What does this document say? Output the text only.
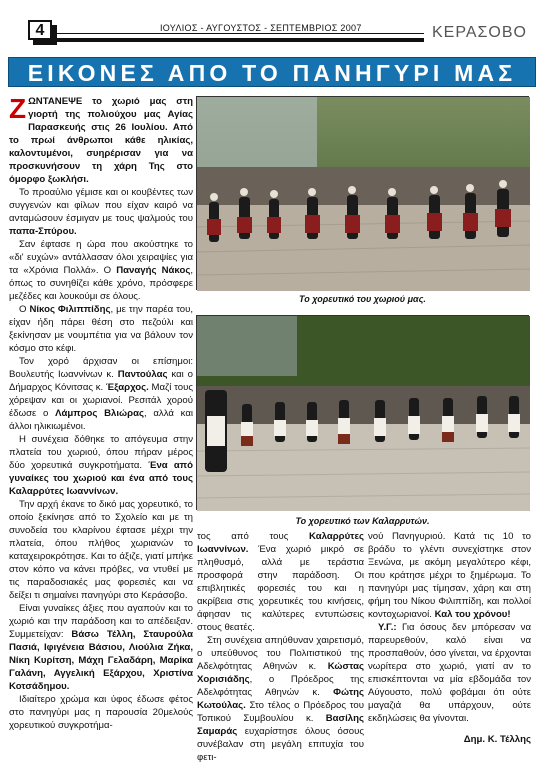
4	ΙΟΥΛΙΟΣ - ΑΥΓΟΥΣΤΟΣ - ΣΕΠΤΕΜΒΡΙΟΣ 2007	ΚΕΡΑΣΟΒΟ
ΕΙΚΟΝΕΣ ΑΠΟ ΤΟ ΠΑΝΗΓΥΡΙ ΜΑΣ

ΖΩΝΤΑΝΕΨΕ το χωριό μας στη γιορτή της πολιούχου μας Αγίας Παρασκευής στις 26 Ιουλίου. Από το πρωί άνθρωποι κάθε ηλικίας, καλοντυμένοι, συηρέρισαν για να προσκυνήσουν τη χάρη Της στο όμορφο ξωκλήσι.

Το προαύλιο γέμισε και οι κουβέντες των συγγενών και φίλων που είχαν καιρό να ανταμώσουν έσμιγαν με τους ψαλμούς του παπα-Σπύρου.

Σαν έφτασε η ώρα που ακούστηκε το «δι' ευχών» αντάλλασαν όλοι χειραψίες για τα «Χρόνια Πολλά». Ο Παναγής Νάκος, όπως το συνηθίζει κάθε χρόνο, πρόσφερε μεζέδες και λουκούμι σε όλους.

Ο Νίκος Φιλιππίδης, με την παρέα του, είχαν ήδη πάρει θέση στο πεζούλι και ξεκίνησαν με νουμπέτια για να βάλουν τον κόσμο στο κέφι.

Τον χορό άρχισαν οι επίσημοι: Βουλευτής Ιωαννίνων κ. Παντούλας και ο Δήμαρχος Κόνιτσας κ. Έξαρχος. Μαζί τους χόρεψαν και οι χωριανοί. Ρεσιτάλ χορού έδωσε ο Λάμπρος Βλιώρας, αλλά και άλλοι ηλικιωμένοι.

Η συνέχεια δόθηκε το απόγευμα στην πλατεία του χωριού, όπου πήραν μέρος δύο χορευτικά συγκροτήματα. Ένα από γυναίκες του χωριού και ένα από τους Καλαρρύτες Ιωαννίνων.

Την αρχή έκανε το δικό μας χορευτικό, το οποίο ξεκίνησε από το Σχολείο και με τη συνοδεία του κλαρίνου έφτασε μέχρι την πλατεία, όπου πλήθος χωριανών το καταχειροκρότησε. Και το άξιζε, γιατί μπήκε στον κόπο να κάνει πρόβες, να ντυθεί με τις παραδοσιακές μας φορεσιές και να δείξει τι σημαίνει πανηγύρι στο Κεράσοβο.

Είναι γυναίκες άξιες που αγαπούν και το χωριό και την παράδοση και το απέδειξαν. Συμμετείχαν: Βάσω Τέλλη, Σταυρούλα Πασιά, Ιφιγένεια Βάσιου, Λιούλια Ζήκα, Νίκη Κυρίτση, Μάχη Γελαδάρη, Μαρίκα Γαλάνη, Αγγελική Εξάρχου, Χριστίνα Κοτσάδημου.

Ιδιαίτερο χρώμα και ύφος έδωσε φέτος στο πανηγύρι μας η παρουσία 20μελούς χορευτικού συγκροτήμα-

Το χορευτικό του χωριού μας.
Το χορευτικό των Καλαρρυτών.

τος από τους Καλαρρύτες Ιωαννίνων. Ένα χωριό μικρό σε πληθυσμό, αλλά με τεράστια προσφορά στην παράδοση. Οι επιβλητικές φορεσιές του και η ακρίβεια στις χορευτικές του κινήσεις, άφησαν τις καλύτερες εντυπώσεις στους θεατές.

Στη συνέχεια απηύθυναν χαιρετισμό, ο υπεύθυνος του Πολιτιστικού της Αδελφότητας Αθηνών κ. Κώστας Χορισιάδης, ο Πρόεδρος της Αδελφότητας Αθηνών κ. Φώτης Κωτούλας. Στο τέλος ο Πρόεδρος του Τοπικού Συμβουλίου κ. Βασίλης Σαμαράς ευχαρίστησε όλους όσους συνέβαλαν στη μεγάλη επιτυχία του φετι-

νού Πανηγυριού. Κατά τις 10 το βράδυ το γλέντι συνεχίστηκε στον Ξενώνα, με ακόμη μεγαλύτερο κέφι, που κράτησε μέχρι το ξημέρωμα. Το πανηγύρι μας τίμησαν, χάρη και στη φήμη του Νίκου Φιλιππίδη, και πολλοί κοντοχωριανοί. Καλ του χρόνου!

Υ.Γ.: Για όσους δεν μπόρεσαν να παρευρεθούν, καλό είναι να προσπαθούν, όσο γίνεται, να έρχονται νωρίτερα στο χωριό, γιατί αν το επισκέπτονται να μία εβδομάδα τον Αύγουστο, πολύ φοβάμαι ότι ούτε μαγαζιά θα υπάρχουν, ούτε εκδηλώσεις θα γίνονται.

Δημ. Κ. Τέλλης
